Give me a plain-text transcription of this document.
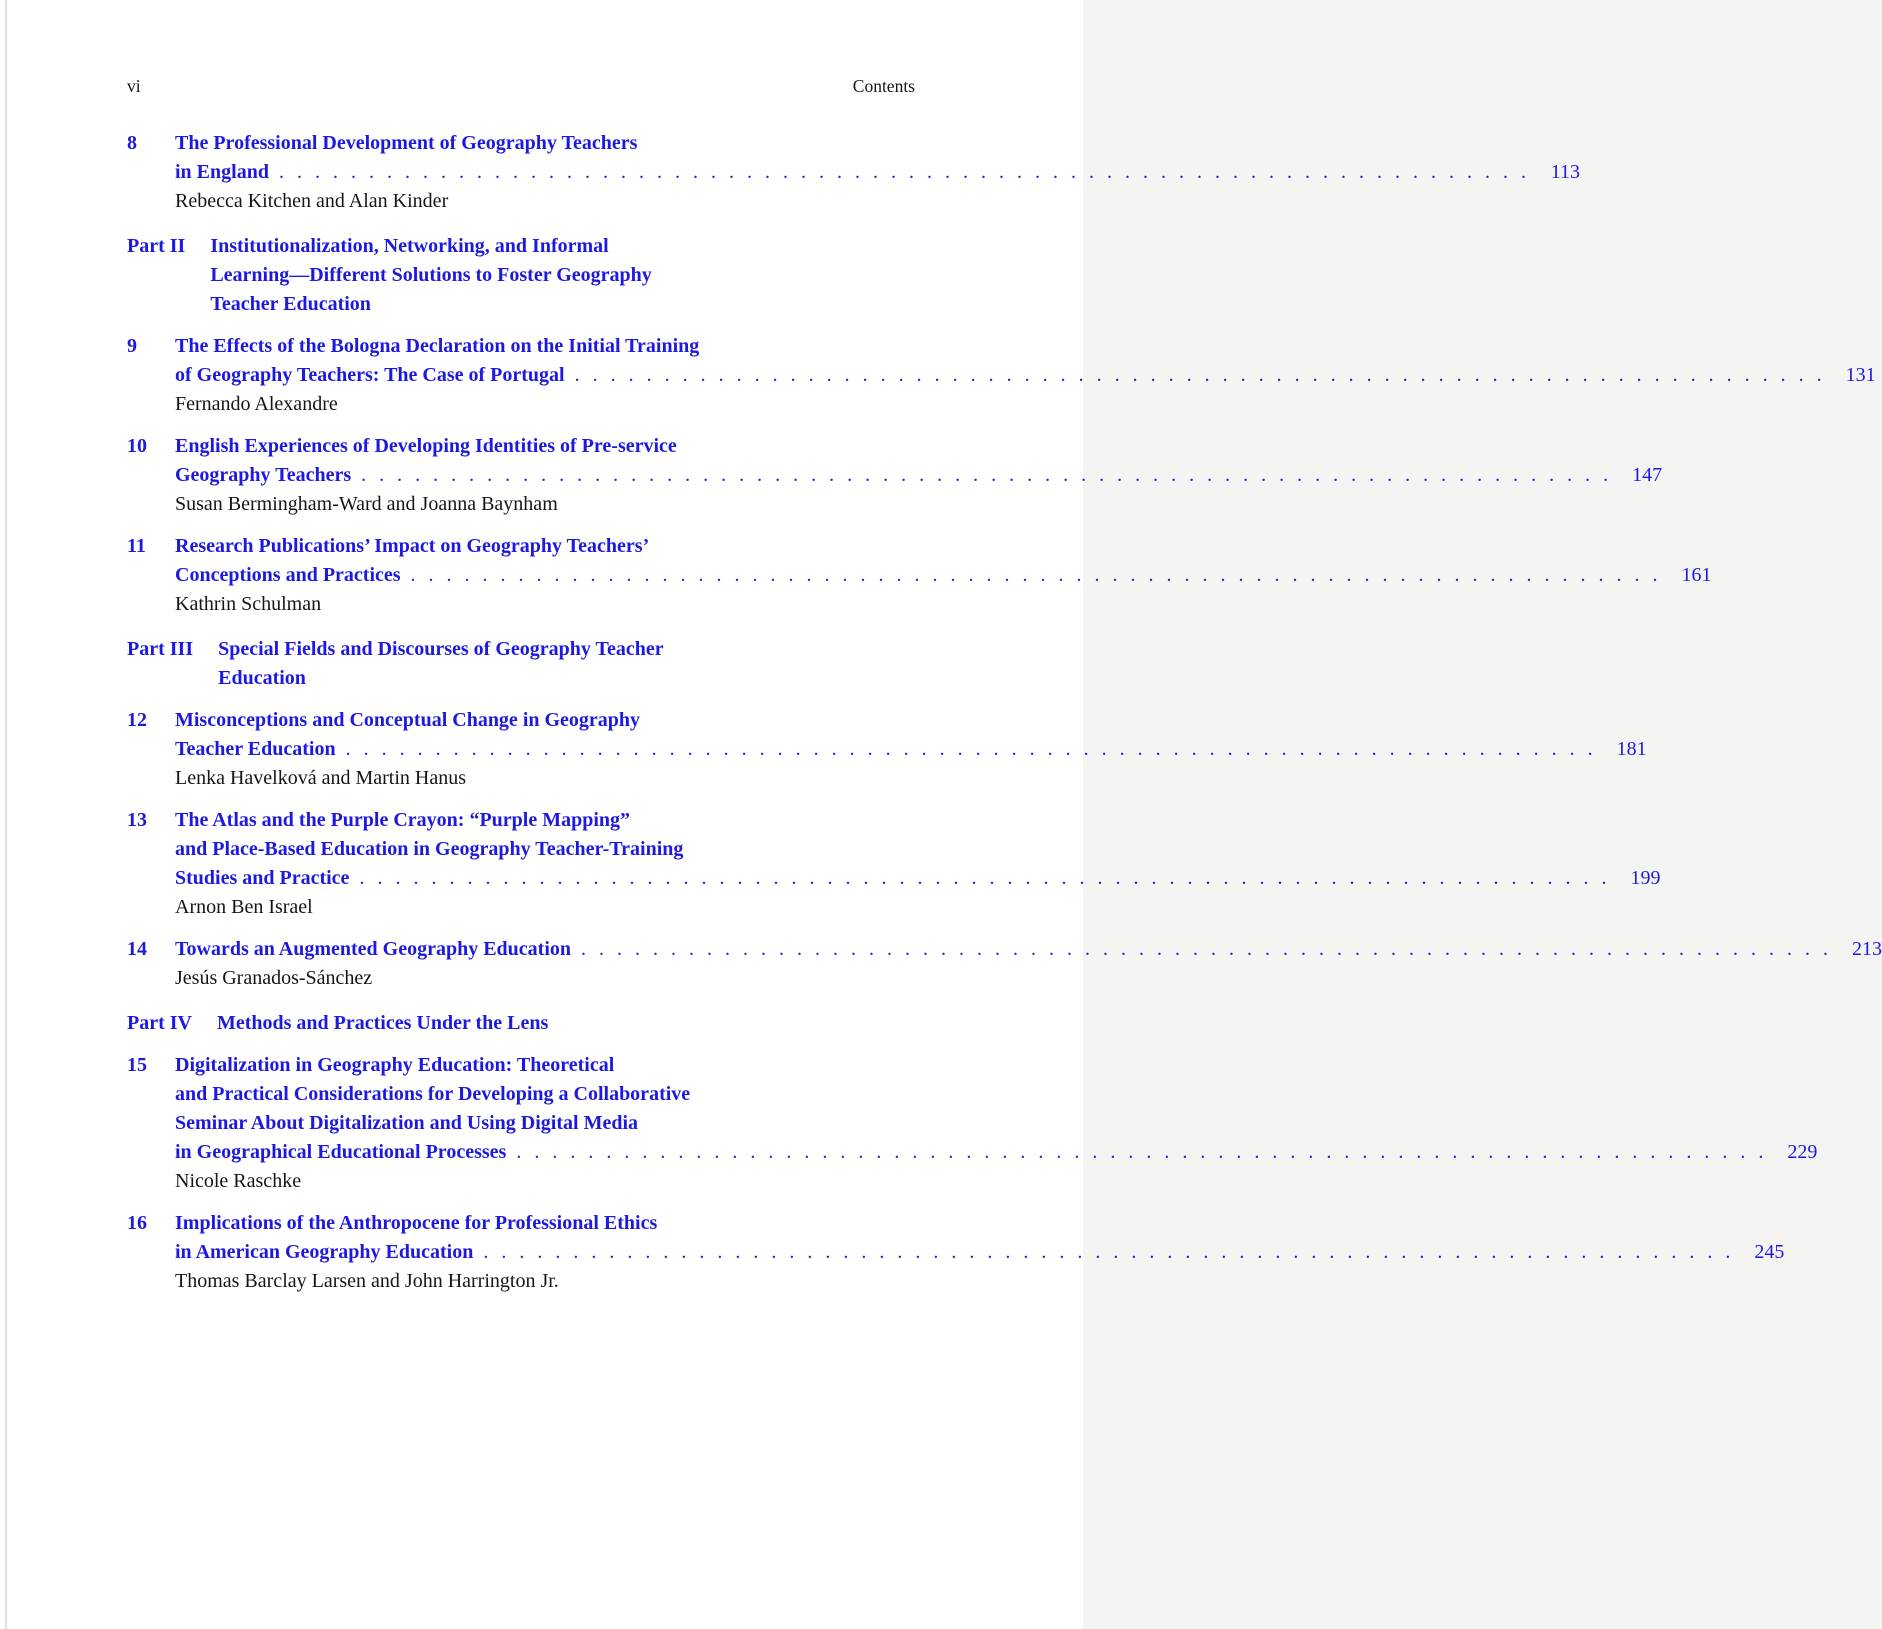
vi	Contents
8	The Professional Development of Geography Teachers
in England . . .	113
Rebecca Kitchen and Alan Kinder
Part II Institutionalization, Networking, and Informal
Learning—Different Solutions to Foster Geography
Teacher Education
9	The Effects of the Bologna Declaration on the Initial Training
of Geography Teachers: The Case of Portugal . . .	131
Fernando Alexandre
10	English Experiences of Developing Identities of Pre-service
Geography Teachers . . .	147
Susan Bermingham-Ward and Joanna Baynham
11	Research Publications’ Impact on Geography Teachers’
Conceptions and Practices . . .	161
Kathrin Schulman
Part III Special Fields and Discourses of Geography Teacher
Education
12	Misconceptions and Conceptual Change in Geography
Teacher Education . . .	181
Lenka Havelková and Martin Hanus
13	The Atlas and the Purple Crayon: “Purple Mapping”
and Place-Based Education in Geography Teacher-Training
Studies and Practice . . .	199
Arnon Ben Israel
14	Towards an Augmented Geography Education . . .	213
Jesús Granados-Sánchez
Part IV Methods and Practices Under the Lens
15	Digitalization in Geography Education: Theoretical
and Practical Considerations for Developing a Collaborative
Seminar About Digitalization and Using Digital Media
in Geographical Educational Processes . . .	229
Nicole Raschke
16	Implications of the Anthropocene for Professional Ethics
in American Geography Education . . .	245
Thomas Barclay Larsen and John Harrington Jr.
